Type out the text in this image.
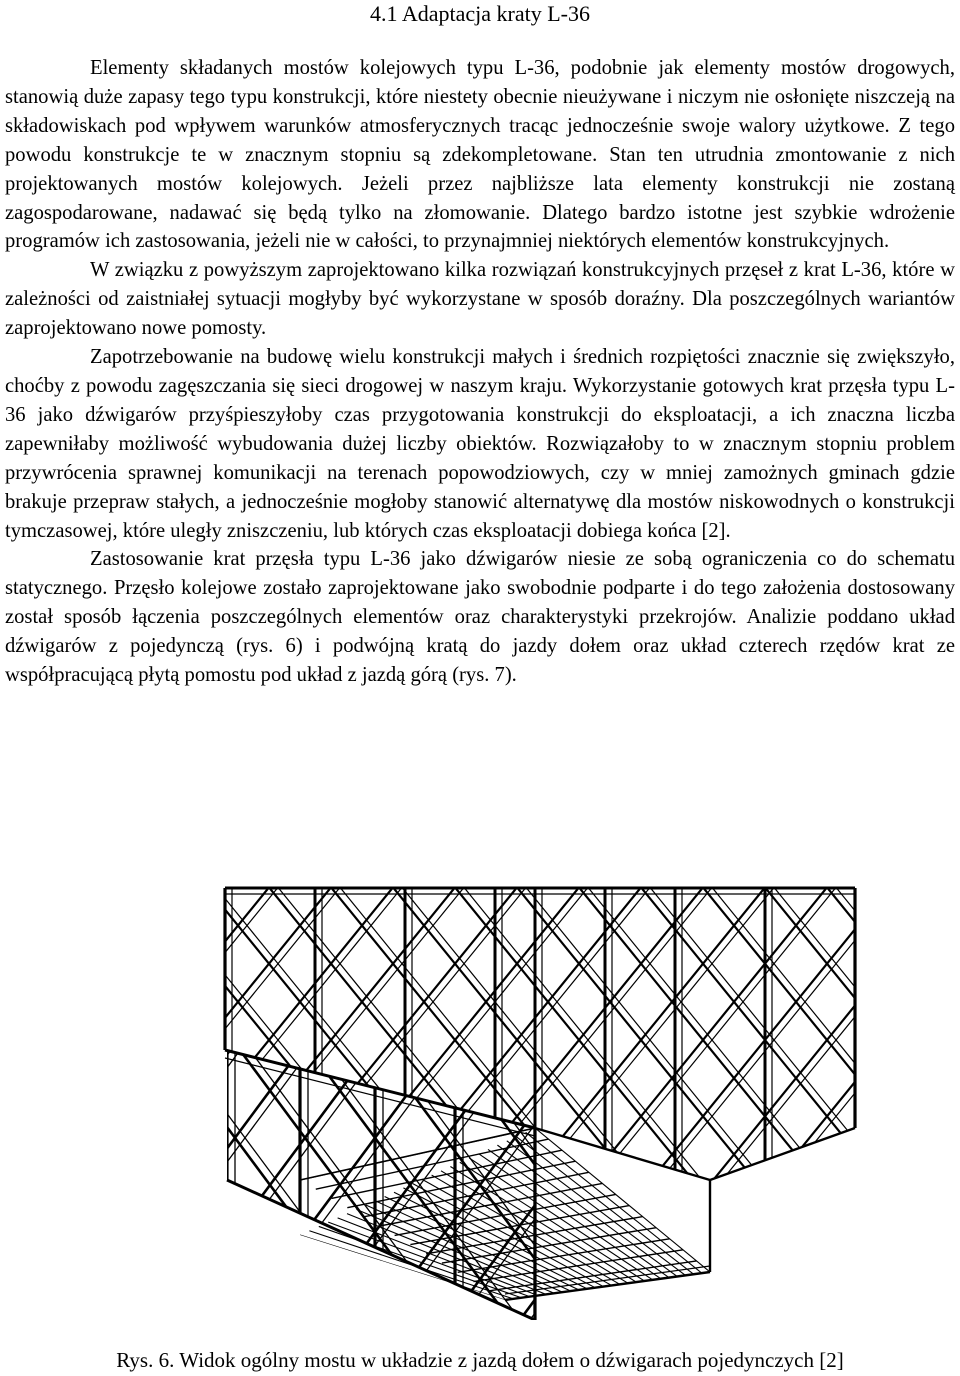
4.1 Adaptacja kraty L-36

Elementy składanych mostów kolejowych typu L-36, podobnie jak elementy mostów drogowych, stanowią duże zapasy tego typu konstrukcji, które niestety obecnie nieużywane i niczym nie osłonięte niszczeją na składowiskach pod wpływem warunków atmosferycznych tracąc jednocześnie swoje walory użytkowe. Z tego powodu konstrukcje te w znacznym stopniu są zdekompletowane. Stan ten utrudnia zmontowanie z nich projektowanych mostów kolejowych. Jeżeli przez najbliższe lata elementy konstrukcji nie zostaną zagospodarowane, nadawać się będą tylko na złomowanie. Dlatego bardzo istotne jest szybkie wdrożenie programów ich zastosowania, jeżeli nie w całości, to przynajmniej niektórych elementów konstrukcyjnych.

W związku z powyższym zaprojektowano kilka rozwiązań konstrukcyjnych przęseł z krat L-36, które w zależności od zaistniałej sytuacji mogłyby być wykorzystane w sposób doraźny. Dla poszczególnych wariantów zaprojektowano nowe pomosty.

Zapotrzebowanie na budowę wielu konstrukcji małych i średnich rozpiętości znacznie się zwiększyło, choćby z powodu zagęszczania się sieci drogowej w naszym kraju. Wykorzystanie gotowych krat przęsła typu L-36 jako dźwigarów przyśpieszyłoby czas przygotowania konstrukcji do eksploatacji, a ich znaczna liczba zapewniłaby możliwość wybudowania dużej liczby obiektów. Rozwiązałoby to w znacznym stopniu problem przywrócenia sprawnej komunikacji na terenach popowodziowych, czy w mniej zamożnych gminach gdzie brakuje przepraw stałych, a jednocześnie mogłoby stanowić alternatywę dla mostów niskowodnych o konstrukcji tymczasowej, które uległy zniszczeniu, lub których czas eksploatacji dobiega końca [2].

Zastosowanie krat przęsła typu L-36 jako dźwigarów niesie ze sobą ograniczenia co do schematu statycznego. Przęsło kolejowe zostało zaprojektowane jako swobodnie podparte i do tego założenia dostosowany został sposób łączenia poszczególnych elementów oraz charakterystyki przekrojów. Analizie poddano układ dźwigarów z pojedynczą (rys. 6) i podwójną kratą do jazdy dołem oraz układ czterech rzędów krat ze współpracującą płytą pomostu pod układ z jazdą górą (rys. 7).

Rys. 6. Widok ogólny mostu w układzie z jazdą dołem o dźwigarach pojedynczych [2]
